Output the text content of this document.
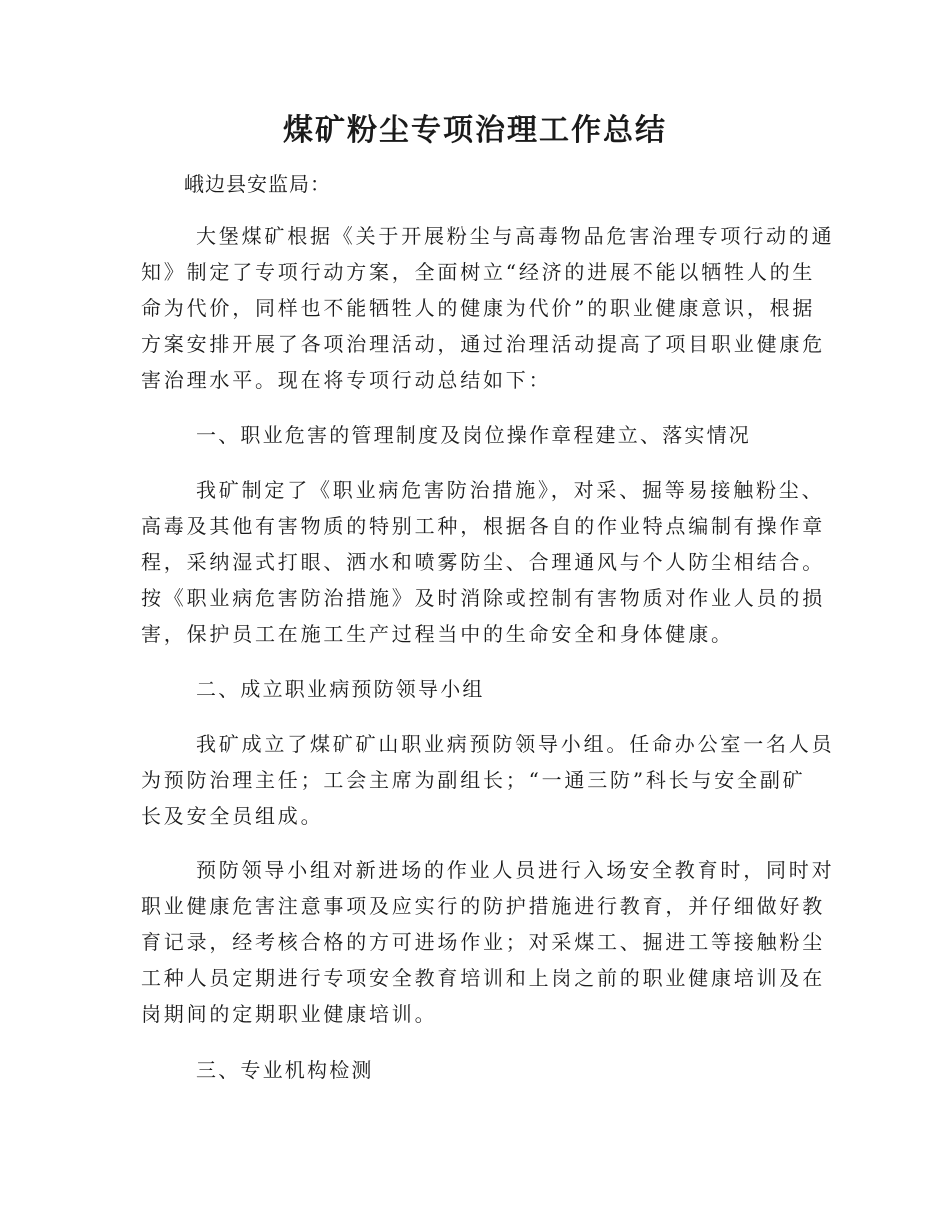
煤矿粉尘专项治理工作总结
峨边县安监局：
大堡煤矿根据《关于开展粉尘与高毒物品危害治理专项行动的通
知》制定了专项行动方案，全面树立“经济的进展不能以牺牲人的生
命为代价，同样也不能牺牲人的健康为代价”的职业健康意识，根据
方案安排开展了各项治理活动，通过治理活动提高了项目职业健康危
害治理水平。现在将专项行动总结如下：
一、职业危害的管理制度及岗位操作章程建立、落实情况
我矿制定了《职业病危害防治措施》，对采、掘等易接触粉尘、
高毒及其他有害物质的特别工种，根据各自的作业特点编制有操作章
程，采纳湿式打眼、洒水和喷雾防尘、合理通风与个人防尘相结合。
按《职业病危害防治措施》及时消除或控制有害物质对作业人员的损
害，保护员工在施工生产过程当中的生命安全和身体健康。
二、成立职业病预防领导小组
我矿成立了煤矿矿山职业病预防领导小组。任命办公室一名人员
为预防治理主任；工会主席为副组长；“一通三防”科长与安全副矿
长及安全员组成。
预防领导小组对新进场的作业人员进行入场安全教育时，同时对
职业健康危害注意事项及应实行的防护措施进行教育，并仔细做好教
育记录，经考核合格的方可进场作业；对采煤工、掘进工等接触粉尘
工种人员定期进行专项安全教育培训和上岗之前的职业健康培训及在
岗期间的定期职业健康培训。
三、专业机构检测
